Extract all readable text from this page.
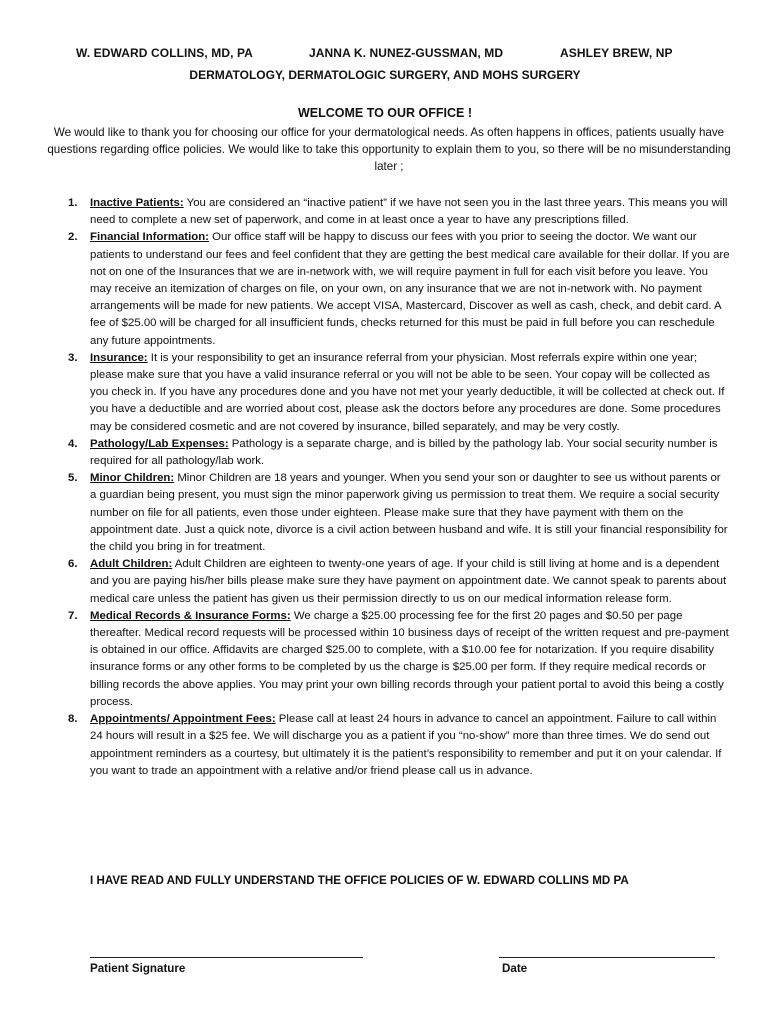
W. EDWARD COLLINS, MD, PA	JANNA K. NUNEZ-GUSSMAN, MD	ASHLEY BREW, NP
DERMATOLOGY, DERMATOLOGIC SURGERY, AND MOHS SURGERY
WELCOME TO OUR OFFICE !
We would like to thank you for choosing our office for your dermatological needs. As often happens in offices, patients usually have questions regarding office policies. We would like to take this opportunity to explain them to you, so there will be no misunderstanding later ;
1. Inactive Patients: You are considered an “inactive patient” if we have not seen you in the last three years. This means you will need to complete a new set of paperwork, and come in at least once a year to have any prescriptions filled.
2. Financial Information: Our office staff will be happy to discuss our fees with you prior to seeing the doctor. We want our patients to understand our fees and feel confident that they are getting the best medical care available for their dollar. If you are not on one of the Insurances that we are in-network with, we will require payment in full for each visit before you leave. You may receive an itemization of charges on file, on your own, on any insurance that we are not in-network with. No payment arrangements will be made for new patients. We accept VISA, Mastercard, Discover as well as cash, check, and debit card. A fee of $25.00 will be charged for all insufficient funds, checks returned for this must be paid in full before you can reschedule any future appointments.
3. Insurance: It is your responsibility to get an insurance referral from your physician. Most referrals expire within one year; please make sure that you have a valid insurance referral or you will not be able to be seen. Your copay will be collected as you check in. If you have any procedures done and you have not met your yearly deductible, it will be collected at check out. If you have a deductible and are worried about cost, please ask the doctors before any procedures are done. Some procedures may be considered cosmetic and are not covered by insurance, billed separately, and may be very costly.
4. Pathology/Lab Expenses: Pathology is a separate charge, and is billed by the pathology lab. Your social security number is required for all pathology/lab work.
5. Minor Children: Minor Children are 18 years and younger. When you send your son or daughter to see us without parents or a guardian being present, you must sign the minor paperwork giving us permission to treat them. We require a social security number on file for all patients, even those under eighteen. Please make sure that they have payment with them on the appointment date. Just a quick note, divorce is a civil action between husband and wife. It is still your financial responsibility for the child you bring in for treatment.
6. Adult Children: Adult Children are eighteen to twenty-one years of age. If your child is still living at home and is a dependent and you are paying his/her bills please make sure they have payment on appointment date. We cannot speak to parents about medical care unless the patient has given us their permission directly to us on our medical information release form.
7. Medical Records & Insurance Forms: We charge a $25.00 processing fee for the first 20 pages and $0.50 per page thereafter. Medical record requests will be processed within 10 business days of receipt of the written request and pre-payment is obtained in our office. Affidavits are charged $25.00 to complete, with a $10.00 fee for notarization. If you require disability insurance forms or any other forms to be completed by us the charge is $25.00 per form. If they require medical records or billing records the above applies. You may print your own billing records through your patient portal to avoid this being a costly process.
8. Appointments/ Appointment Fees: Please call at least 24 hours in advance to cancel an appointment. Failure to call within 24 hours will result in a $25 fee. We will discharge you as a patient if you “no-show” more than three times. We do send out appointment reminders as a courtesy, but ultimately it is the patient’s responsibility to remember and put it on your calendar. If you want to trade an appointment with a relative and/or friend please call us in advance.
I HAVE READ AND FULLY UNDERSTAND THE OFFICE POLICIES OF W. EDWARD COLLINS MD PA
Patient Signature	Date
